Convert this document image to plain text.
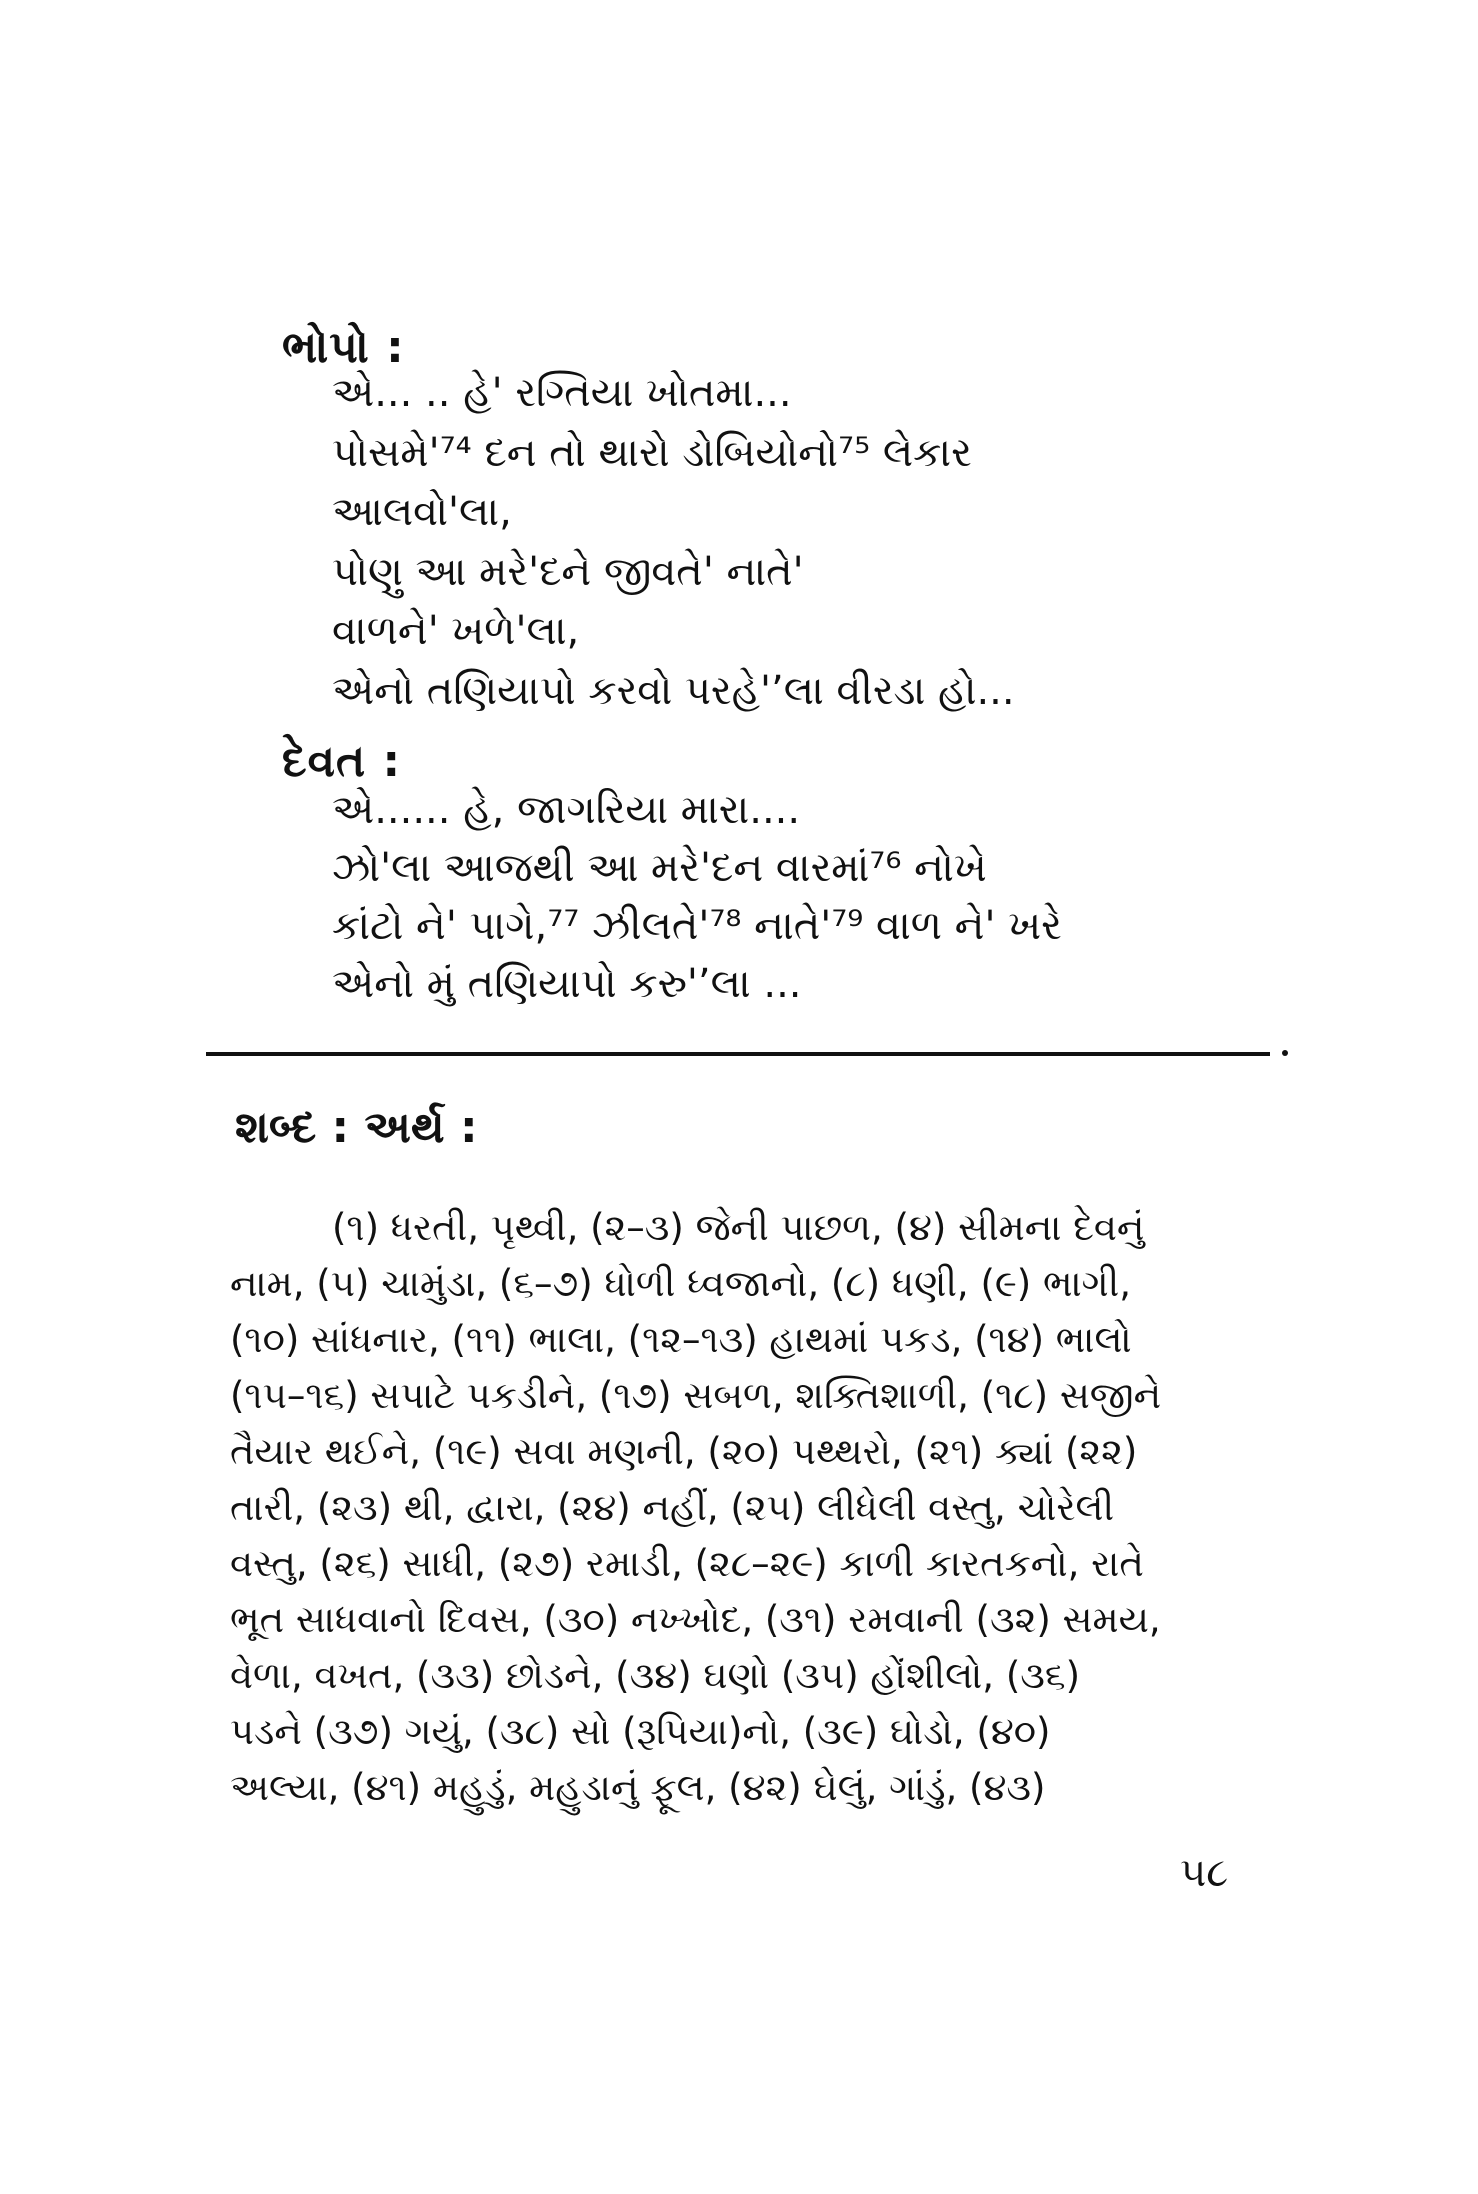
ભોપો :
એ... .. હે' રગ્તિયા ખોતમા...
પોસમે'⁷⁴ દન તો થારો ડોબિયોનો⁷⁵ લેકાર
આલવો'લા,
પોણુ આ મરે'દને જીવતે' નાતે'
વાળને' ખળે'લા,
એનો તણિયાપો કરવો પરહે'ʼલા વીરડા હો...
દેવત :
એ...... હે, જાગરિયા મારા....
ઝો'લા આજથી આ મરે'દન વારમાં⁷⁶ નોખે
કાંટો ને' પાગે,⁷⁷ ઝીલતે'⁷⁸ નાતે'⁷⁹ વાળ ને' ખરે
એનો મું તણિયાપો કરુ'ʼલા ...
શબ્દ : અર્થ :
(૧) ધરતી, પૃથ્વી, (૨–૩) જેની પાછળ, (૪) સીમના દેવનું
નામ, (૫) ચામુંડા, (૬–૭) ધોળી ધ્વજાનો, (૮) ધણી, (૯) ભાગી,
(૧૦) સાંધનાર, (૧૧) ભાલા, (૧૨–૧૩) હાથમાં પકડ, (૧૪) ભાલો
(૧૫–૧૬) સપાટે પકડીને, (૧૭) સબળ, શક્તિશાળી, (૧૮) સજીને
તૈયાર થઈને, (૧૯) સવા મણની, (૨૦) પથ્થરો, (૨૧) ક્યાં (૨૨)
તારી, (૨૩) થી, દ્વારા, (૨૪) નહીં, (૨૫) લીધેલી વસ્તુ, ચોરેલી
વસ્તુ, (૨૬) સાધી, (૨૭) રમાડી, (૨૮–૨૯) કાળી કારતકનો, રાતે
ભૂત સાધવાનો દિવસ, (૩૦) નખ્ખોદ, (૩૧) રમવાની (૩૨) સમય,
વેળા, વખત, (૩૩) છોડને, (૩૪) ઘણો (૩૫) હોંશીલો, (૩૬)
પડને (૩૭) ગયું, (૩૮) સો (રૂપિયા)નો, (૩૯) ઘોડો, (૪૦)
અલ્યા, (૪૧) મહુડું, મહુડાનું ફૂલ, (૪૨) ઘેલું, ગાંડું, (૪૩)
૫૮
